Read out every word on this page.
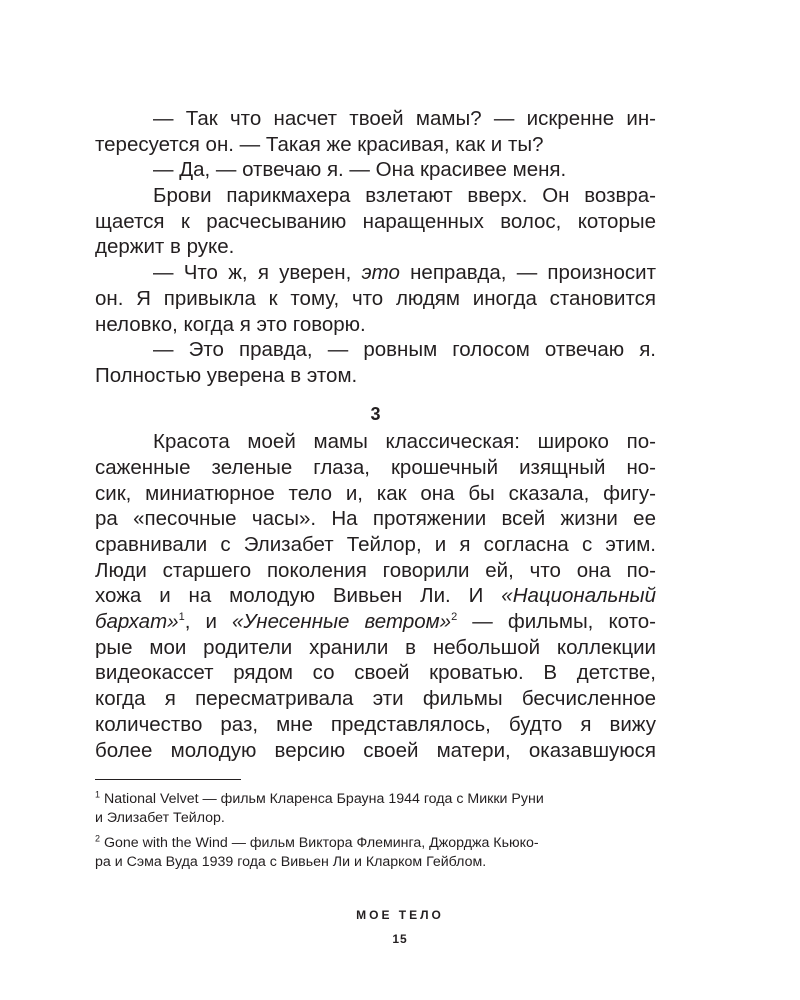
— Так что насчет твоей мамы? — искренне ин-
тересуется он. — Такая же красивая, как и ты?
— Да, — отвечаю я. — Она красивее меня.
Брови парикмахера взлетают вверх. Он возвра-
щается к расчесыванию наращенных волос, которые
держит в руке.
— Что ж, я уверен, это неправда, — произносит
он. Я привыкла к тому, что людям иногда становится
неловко, когда я это говорю.
— Это правда, — ровным голосом отвечаю я.
Полностью уверена в этом.
3
Красота моей мамы классическая: широко по-
саженные зеленые глаза, крошечный изящный но-
сик, миниатюрное тело и, как она бы сказала, фигу-
ра «песочные часы». На протяжении всей жизни ее
сравнивали с Элизабет Тейлор, и я согласна с этим.
Люди старшего поколения говорили ей, что она по-
хожа и на молодую Вивьен Ли. И «Национальный
бархат»$^1$, и «Унесенные ветром»$^2$ — фильмы, кото-
рые мои родители хранили в небольшой коллекции
видеокассет рядом со своей кроватью. В детстве,
когда я пересматривала эти фильмы бесчисленное
количество раз, мне представлялось, будто я вижу
более молодую версию своей матери, оказавшуюся
$^1$ National Velvet — фильм Кларенса Брауна 1944 года с Микки Руни
и Элизабет Тейлор.
$^2$ Gone with the Wind — фильм Виктора Флеминга, Джорджа Кьюко-
ра и Сэма Вуда 1939 года с Вивьен Ли и Кларком Гейблом.
МОЕ ТЕЛО
15
